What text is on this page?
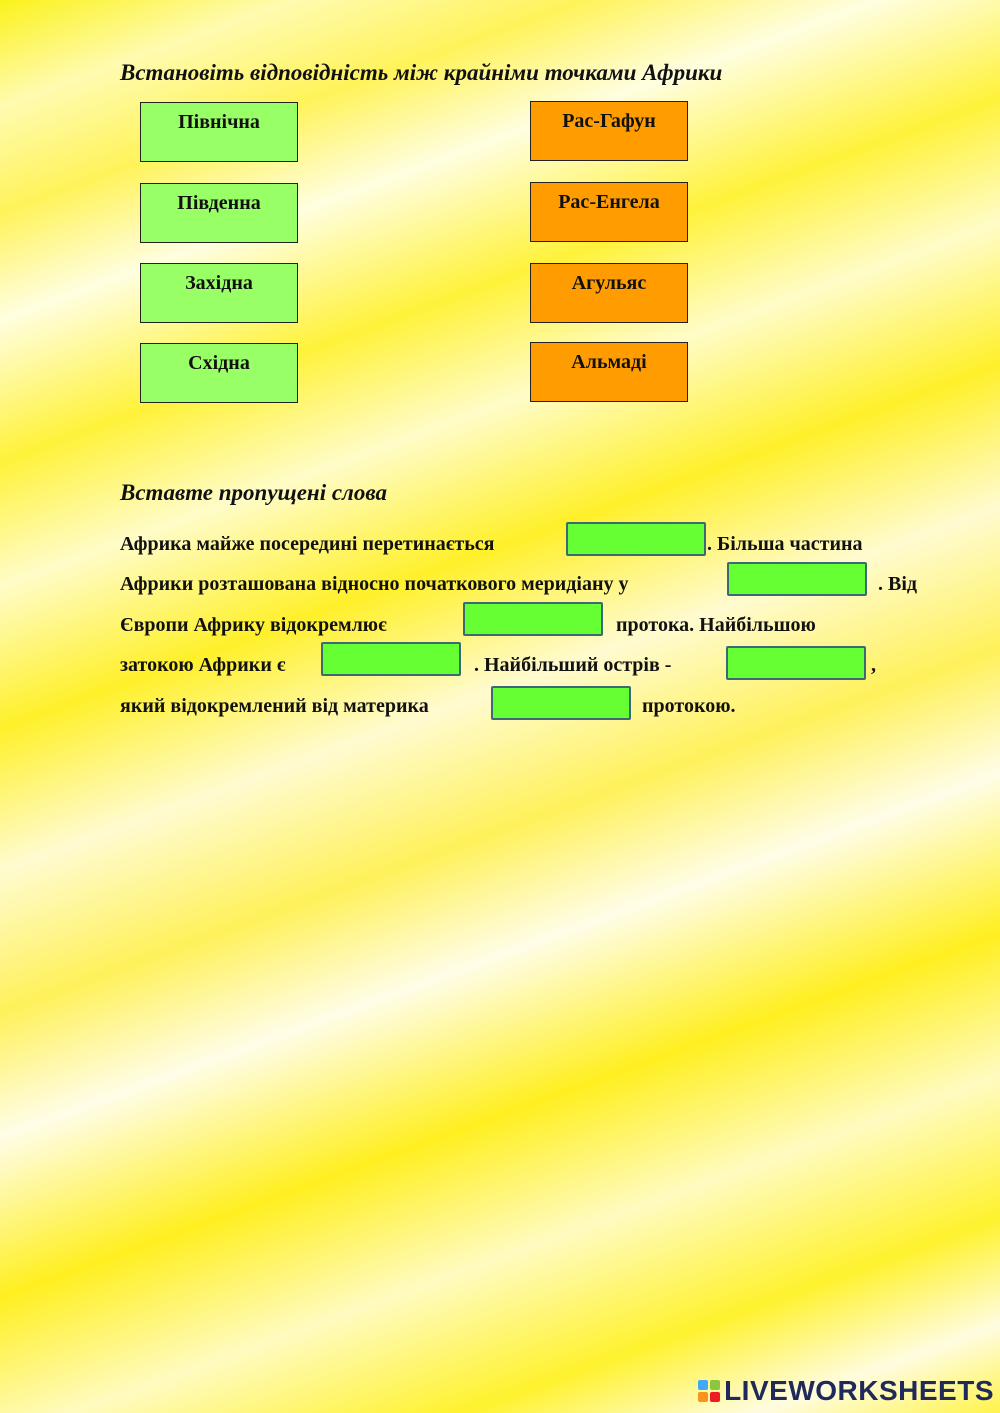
Встановіть відповідність між крайніми точками Африки
Північна
Південна
Західна
Східна
Рас-Гафун
Рас-Енгела
Агульяс
Альмаді
Вставте пропущені слова
Африка майже посередині перетинається	. Більша частина
Африки розташована відносно початкового меридіану у	. Від
Європи Африку відокремлює	протока. Найбільшою
затокою Африки є	. Найбільший острів -	,
який відокремлений від материка	протокою.
LIVEWORKSHEETS
